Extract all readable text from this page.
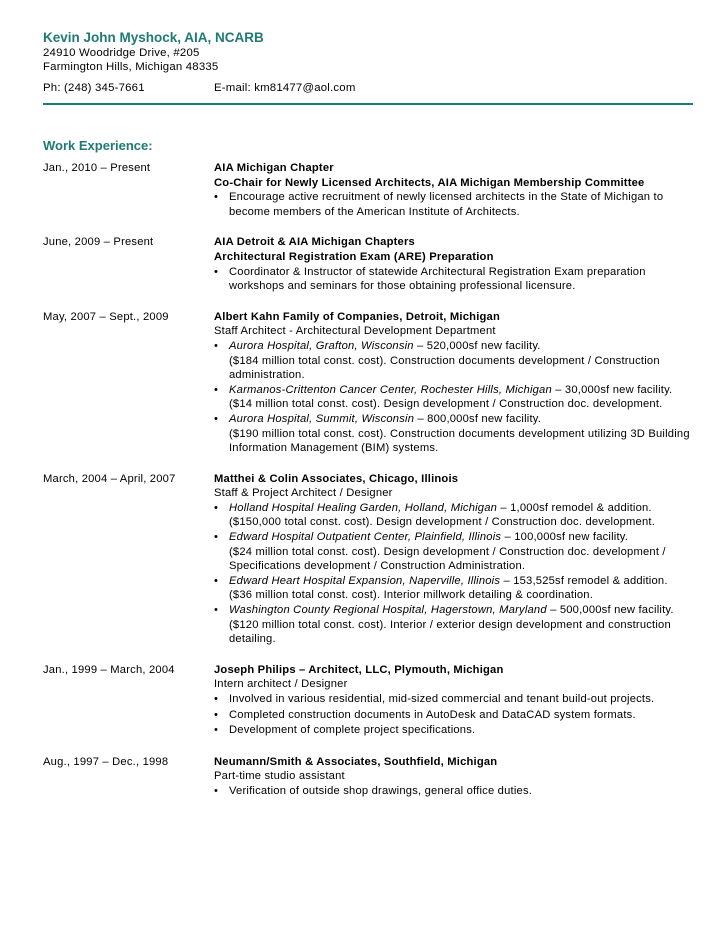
Kevin John Myshock, AIA, NCARB
24910 Woodridge Drive, #205
Farmington Hills, Michigan 48335
Ph: (248) 345-7661	E-mail: km81477@aol.com
Work Experience:
Jan., 2010 – Present	AIA Michigan Chapter
Co-Chair for Newly Licensed Architects, AIA Michigan Membership Committee
• Encourage active recruitment of newly licensed architects in the State of Michigan to become members of the American Institute of Architects.
June, 2009 – Present	AIA Detroit & AIA Michigan Chapters
Architectural Registration Exam (ARE) Preparation
• Coordinator & Instructor of statewide Architectural Registration Exam preparation workshops and seminars for those obtaining professional licensure.
May, 2007 – Sept., 2009	Albert Kahn Family of Companies, Detroit, Michigan
Staff Architect - Architectural Development Department
• Aurora Hospital, Grafton, Wisconsin – 520,000sf new facility.
($184 million total const. cost). Construction documents development / Construction administration.
• Karmanos-Crittenton Cancer Center, Rochester Hills, Michigan – 30,000sf new facility.
($14 million total const. cost). Design development / Construction doc. development.
• Aurora Hospital, Summit, Wisconsin – 800,000sf new facility.
($190 million total const. cost). Construction documents development utilizing 3D Building Information Management (BIM) systems.
March, 2004 – April, 2007	Matthei & Colin Associates, Chicago, Illinois
Staff & Project Architect / Designer
• Holland Hospital Healing Garden, Holland, Michigan – 1,000sf remodel & addition.
($150,000 total const. cost). Design development / Construction doc. development.
• Edward Hospital Outpatient Center, Plainfield, Illinois – 100,000sf new facility.
($24 million total const. cost). Design development / Construction doc. development / Specifications development / Construction Administration.
• Edward Heart Hospital Expansion, Naperville, Illinois – 153,525sf remodel & addition.
($36 million total const. cost). Interior millwork detailing & coordination.
• Washington County Regional Hospital, Hagerstown, Maryland – 500,000sf new facility.
($120 million total const. cost). Interior / exterior design development and construction detailing.
Jan., 1999 – March, 2004	Joseph Philips – Architect, LLC, Plymouth, Michigan
Intern architect / Designer
• Involved in various residential, mid-sized commercial and tenant build-out projects.
• Completed construction documents in AutoDesk and DataCAD system formats.
• Development of complete project specifications.
Aug., 1997 – Dec., 1998	Neumann/Smith & Associates, Southfield, Michigan
Part-time studio assistant
• Verification of outside shop drawings, general office duties.
